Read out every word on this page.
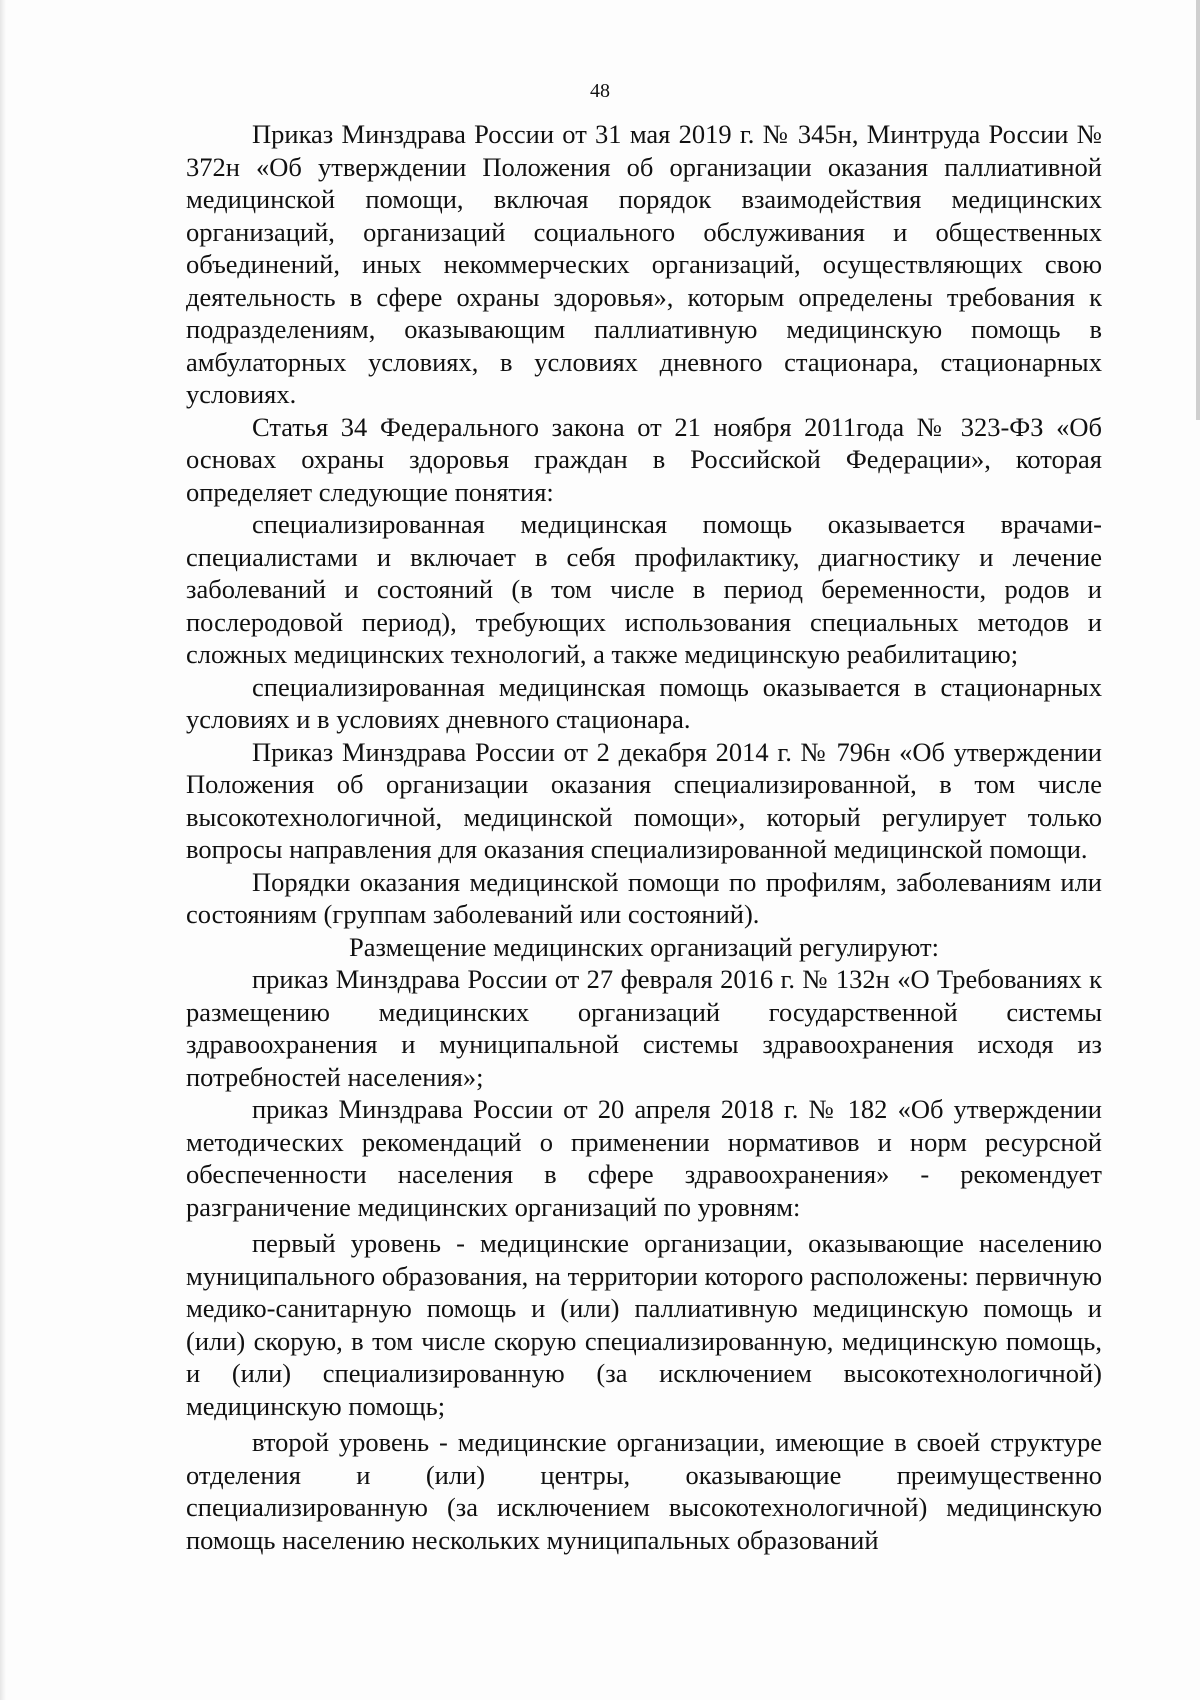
48

Приказ Минздрава России от 31 мая 2019 г. № 345н, Минтруда России № 372н «Об утверждении Положения об организации оказания паллиативной медицинской помощи, включая порядок взаимодействия медицинских организаций, организаций социального обслуживания и общественных объединений, иных некоммерческих организаций, осуществляющих свою деятельность в сфере охраны здоровья», которым определены требования к подразделениям, оказывающим паллиативную медицинскую помощь в амбулаторных условиях, в условиях дневного стационара, стационарных условиях.

Статья 34 Федерального закона от 21 ноября 2011года № 323-ФЗ «Об основах охраны здоровья граждан в Российской Федерации», которая определяет следующие понятия:

специализированная медицинская помощь оказывается врачами-специалистами и включает в себя профилактику, диагностику и лечение заболеваний и состояний (в том числе в период беременности, родов и послеродовой период), требующих использования специальных методов и сложных медицинских технологий, а также медицинскую реабилитацию;

специализированная медицинская помощь оказывается в стационарных условиях и в условиях дневного стационара.

Приказ Минздрава России от 2 декабря 2014 г. № 796н «Об утверждении Положения об организации оказания специализированной, в том числе высокотехнологичной, медицинской помощи», который регулирует только вопросы направления для оказания специализированной медицинской помощи.

Порядки оказания медицинской помощи по профилям, заболеваниям или состояниям (группам заболеваний или состояний).

Размещение медицинских организаций регулируют:

приказ Минздрава России от 27 февраля 2016 г. № 132н «О Требованиях к размещению медицинских организаций государственной системы здравоохранения и муниципальной системы здравоохранения исходя из потребностей населения»;

приказ Минздрава России от 20 апреля 2018 г. № 182 «Об утверждении методических рекомендаций о применении нормативов и норм ресурсной обеспеченности населения в сфере здравоохранения» - рекомендует разграничение медицинских организаций по уровням:

первый уровень - медицинские организации, оказывающие населению муниципального образования, на территории которого расположены: первичную медико-санитарную помощь и (или) паллиативную медицинскую помощь и (или) скорую, в том числе скорую специализированную, медицинскую помощь, и (или) специализированную (за исключением высокотехнологичной) медицинскую помощь;

второй уровень - медицинские организации, имеющие в своей структуре отделения и (или) центры, оказывающие преимущественно специализированную (за исключением высокотехнологичной) медицинскую помощь населению нескольких муниципальных образований
